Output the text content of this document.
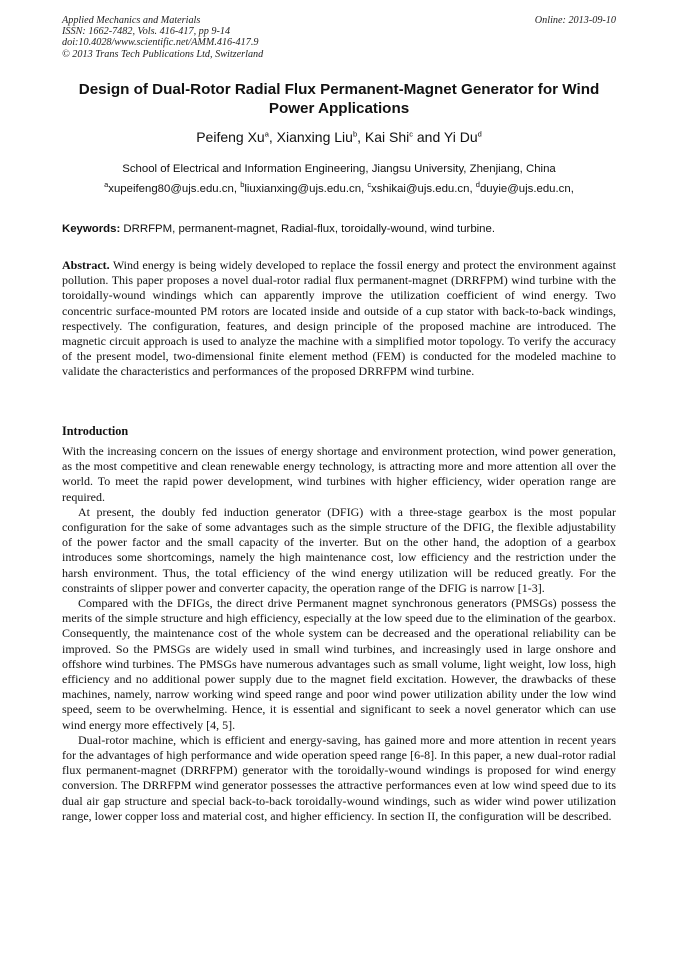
Applied Mechanics and Materials
ISSN: 1662-7482, Vols. 416-417, pp 9-14
doi:10.4028/www.scientific.net/AMM.416-417.9
© 2013 Trans Tech Publications Ltd, Switzerland
Online: 2013-09-10
Design of Dual-Rotor Radial Flux Permanent-Magnet Generator for Wind Power Applications
Peifeng Xu$^a$, Xianxing Liu$^b$, Kai Shi$^c$ and Yi Du$^d$
School of Electrical and Information Engineering, Jiangsu University, Zhenjiang, China
$^a$xupeifeng80@ujs.edu.cn, $^b$liuxianxing@ujs.edu.cn, $^c$xshikai@ujs.edu.cn, $^d$duyie@ujs.edu.cn,
Keywords: DRRFPM, permanent-magnet, Radial-flux, toroidally-wound, wind turbine.
Abstract. Wind energy is being widely developed to replace the fossil energy and protect the environment against pollution. This paper proposes a novel dual-rotor radial flux permanent-magnet (DRRFPM) wind turbine with the toroidally-wound windings which can apparently improve the utilization coefficient of wind energy. Two concentric surface-mounted PM rotors are located inside and outside of a cup stator with back-to-back windings, respectively. The configuration, features, and design principle of the proposed machine are introduced. The magnetic circuit approach is used to analyze the machine with a simplified motor topology. To verify the accuracy of the present model, two-dimensional finite element method (FEM) is conducted for the modeled machine to validate the characteristics and performances of the proposed DRRFPM wind turbine.
Introduction

With the increasing concern on the issues of energy shortage and environment protection, wind power generation, as the most competitive and clean renewable energy technology, is attracting more and more attention all over the world. To meet the rapid power development, wind turbines with higher efficiency, wider operation range are required.

At present, the doubly fed induction generator (DFIG) with a three-stage gearbox is the most popular configuration for the sake of some advantages such as the simple structure of the DFIG, the flexible adjustability of the power factor and the small capacity of the inverter. But on the other hand, the adoption of a gearbox introduces some shortcomings, namely the high maintenance cost, low efficiency and the restriction under the harsh environment. Thus, the total efficiency of the wind energy utilization will be reduced greatly. For the constraints of slipper power and converter capacity, the operation range of the DFIG is narrow [1-3].

Compared with the DFIGs, the direct drive Permanent magnet synchronous generators (PMSGs) possess the merits of the simple structure and high efficiency, especially at the low speed due to the elimination of the gearbox. Consequently, the maintenance cost of the whole system can be decreased and the operational reliability can be improved. So the PMSGs are widely used in small wind turbines, and increasingly used in large onshore and offshore wind turbines. The PMSGs have numerous advantages such as small volume, light weight, low loss, high efficiency and no additional power supply due to the magnet field excitation. However, the drawbacks of these machines, namely, narrow working wind speed range and poor wind power utilization ability under the low wind speed, seem to be overwhelming. Hence, it is essential and significant to seek a novel generator which can use wind energy more effectively [4, 5].

Dual-rotor machine, which is efficient and energy-saving, has gained more and more attention in recent years for the advantages of high performance and wide operation speed range [6-8]. In this paper, a new dual-rotor radial flux permanent-magnet (DRRFPM) generator with the toroidally-wound windings is proposed for wind energy conversion. The DRRFPM wind generator possesses the attractive performances even at low wind speed due to its dual air gap structure and special back-to-back toroidally-wound windings, such as wider wind power utilization range, lower copper loss and material cost, and higher efficiency. In section II, the configuration will be described.
